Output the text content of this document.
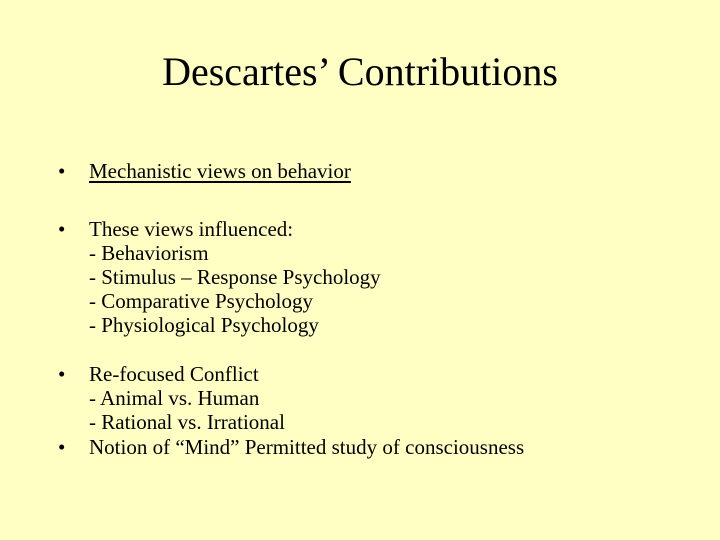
Descartes’ Contributions
•	Mechanistic views on behavior
•	These views influenced:
- Behaviorism
- Stimulus – Response Psychology
- Comparative Psychology
- Physiological Psychology
•	Re-focused Conflict
- Animal vs. Human
- Rational vs. Irrational
•	Notion of “Mind” Permitted study of consciousness
